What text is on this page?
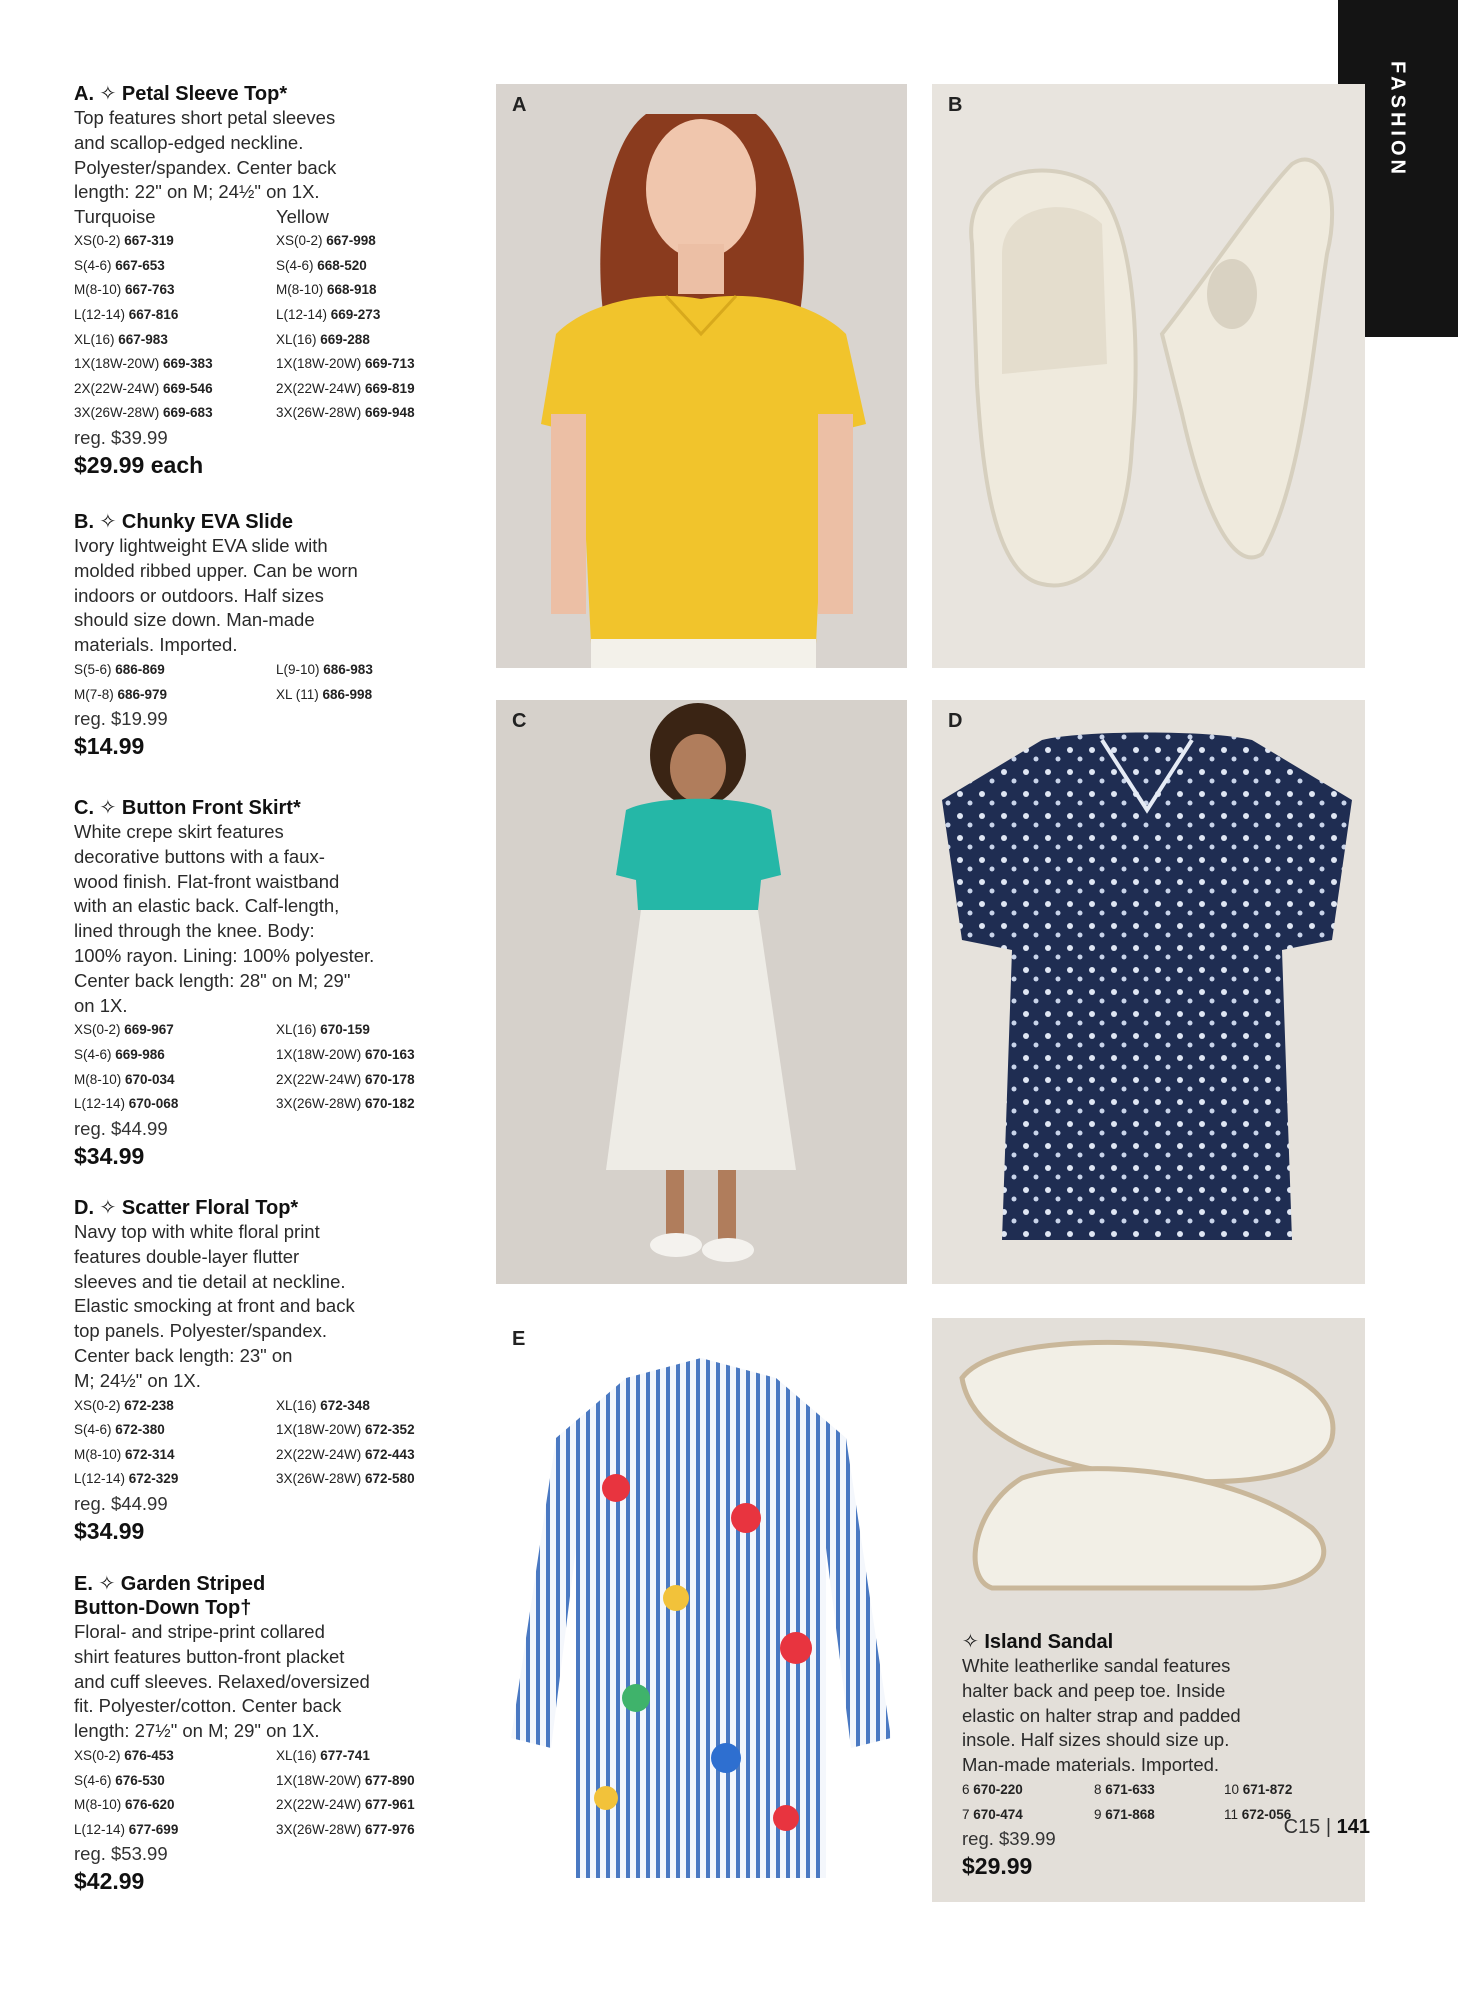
FASHION
A. ✧ Petal Sleeve Top*

Top features short petal sleeves

and scallop-edged neckline.

Polyester/spandex. Center back

length: 22" on M; 24½" on 1X.

Turquoise	Yellow
XS(0-2) 667-319	XS(0-2) 667-998
S(4-6) 667-653	S(4-6) 668-520
M(8-10) 667-763	M(8-10) 668-918
L(12-14) 667-816	L(12-14) 669-273
XL(16) 667-983	XL(16) 669-288
1X(18W-20W) 669-383	1X(18W-20W) 669-713
2X(22W-24W) 669-546	2X(22W-24W) 669-819
3X(26W-28W) 669-683	3X(26W-28W) 669-948
reg. $39.99
$29.99 each
B. ✧ Chunky EVA Slide

Ivory lightweight EVA slide with

molded ribbed upper. Can be worn

indoors or outdoors. Half sizes

should size down. Man-made

materials. Imported.

S(5-6) 686-869	L(9-10) 686-983
M(7-8) 686-979	XL (11) 686-998
reg. $19.99
$14.99
C. ✧ Button Front Skirt*

White crepe skirt features

decorative buttons with a faux-

wood finish. Flat-front waistband

with an elastic back. Calf-length,

lined through the knee. Body:

100% rayon. Lining: 100% polyester.

Center back length: 28" on M; 29"

on 1X.

XS(0-2) 669-967	XL(16) 670-159
S(4-6) 669-986	1X(18W-20W) 670-163
M(8-10) 670-034	2X(22W-24W) 670-178
L(12-14) 670-068	3X(26W-28W) 670-182
reg. $44.99
$34.99
D. ✧ Scatter Floral Top*

Navy top with white floral print

features double-layer flutter

sleeves and tie detail at neckline.

Elastic smocking at front and back

top panels. Polyester/spandex.

Center back length: 23" on

M; 24½" on 1X.

XS(0-2) 672-238	XL(16) 672-348
S(4-6) 672-380	1X(18W-20W) 672-352
M(8-10) 672-314	2X(22W-24W) 672-443
L(12-14) 672-329	3X(26W-28W) 672-580
reg. $44.99
$34.99
E. ✧ Garden Striped
Button-Down Top†

Floral- and stripe-print collared

shirt features button-front placket

and cuff sleeves. Relaxed/oversized

fit. Polyester/cotton. Center back

length: 27½" on M; 29" on 1X.

XS(0-2) 676-453	XL(16) 677-741
S(4-6) 676-530	1X(18W-20W) 677-890
M(8-10) 676-620	2X(22W-24W) 677-961
L(12-14) 677-699	3X(26W-28W) 677-976
reg. $53.99
$42.99
A	B
C	D
E
✧ Island Sandal

White leatherlike sandal features

halter back and peep toe. Inside

elastic on halter strap and padded

insole. Half sizes should size up.

Man-made materials. Imported.

6 670-220	8 671-633	10 671-872
7 670-474	9 671-868	11 672-056
reg. $39.99
$29.99
C15 | 141
